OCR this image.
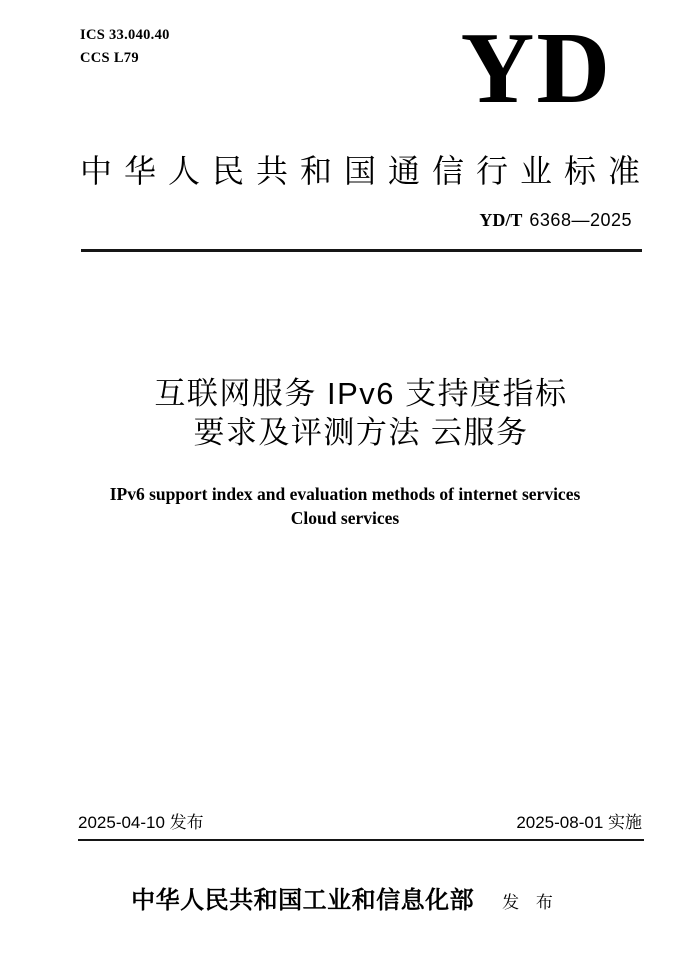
ICS 33.040.40
CCS L79	YD
中华人民共和国通信行业标准
YD/T 6368—2025
互联网服务 IPv6 支持度指标
要求及评测方法 云服务
IPv6 support index and evaluation methods of internet services
Cloud services
2025-04-10 发布	2025-08-01 实施
中华人民共和国工业和信息化部 发 布
